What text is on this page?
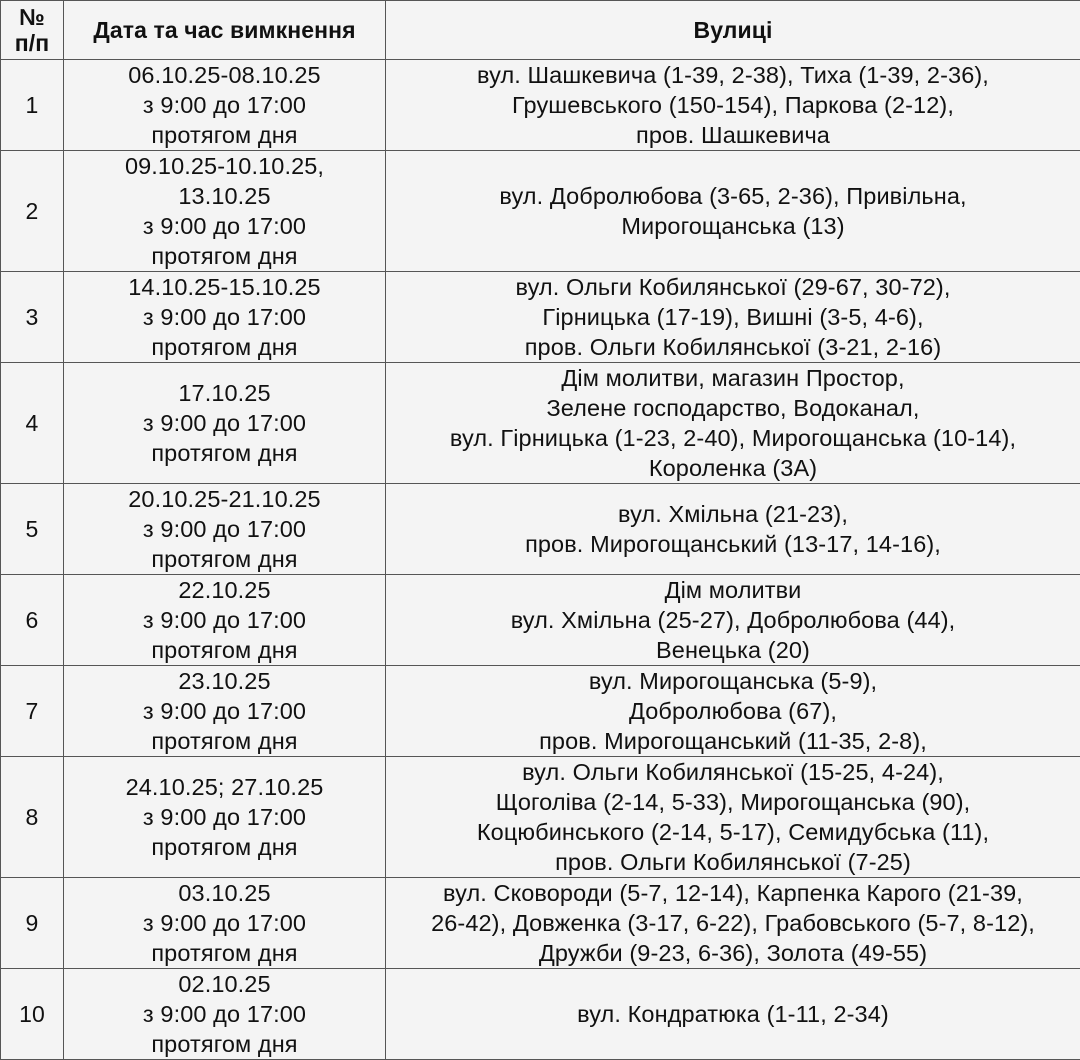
№
п/п	Дата та час вимкнення	Вулиці
1	06.10.25-08.10.25
з 9:00 до 17:00
протягом дня	вул. Шашкевича (1-39, 2-38), Тиха (1-39, 2-36),
Грушевського (150-154), Паркова (2-12),
пров. Шашкевича

2	09.10.25-10.10.25,
13.10.25
з 9:00 до 17:00
протягом дня	вул. Добролюбова (3-65, 2-36), Привільна,
Мирогощанська (13)

3	14.10.25-15.10.25
з 9:00 до 17:00
протягом дня	вул. Ольги Кобилянської (29-67, 30-72),
Гірницька (17-19), Вишні (3-5, 4-6),
пров. Ольги Кобилянської (3-21, 2-16)

4	17.10.25
з 9:00 до 17:00
протягом дня	Дім молитви, магазин Простор,
Зелене господарство, Водоканал,
вул. Гірницька (1-23, 2-40), Мирогощанська (10-14),
Короленка (3А)

5	20.10.25-21.10.25
з 9:00 до 17:00
протягом дня	вул. Хмільна (21-23),
пров. Мирогощанський (13-17, 14-16),

6	22.10.25
з 9:00 до 17:00
протягом дня	Дім молитви
вул. Хмільна (25-27), Добролюбова (44),
Венецька (20)

7	23.10.25
з 9:00 до 17:00
протягом дня	вул. Мирогощанська (5-9),
Добролюбова (67),
пров. Мирогощанський (11-35, 2-8),

8	24.10.25; 27.10.25
з 9:00 до 17:00
протягом дня	вул. Ольги Кобилянської (15-25, 4-24),
Щоголіва (2-14, 5-33), Мирогощанська (90),
Коцюбинського (2-14, 5-17), Семидубська (11),
пров. Ольги Кобилянської (7-25)

9	03.10.25
з 9:00 до 17:00
протягом дня	вул. Сковороди (5-7, 12-14), Карпенка Карого (21-39,
26-42), Довженка (3-17, 6-22), Грабовського (5-7, 8-12),
Дружби (9-23, 6-36), Золота (49-55)

10	02.10.25
з 9:00 до 17:00
протягом дня	вул. Кондратюка (1-11, 2-34)
